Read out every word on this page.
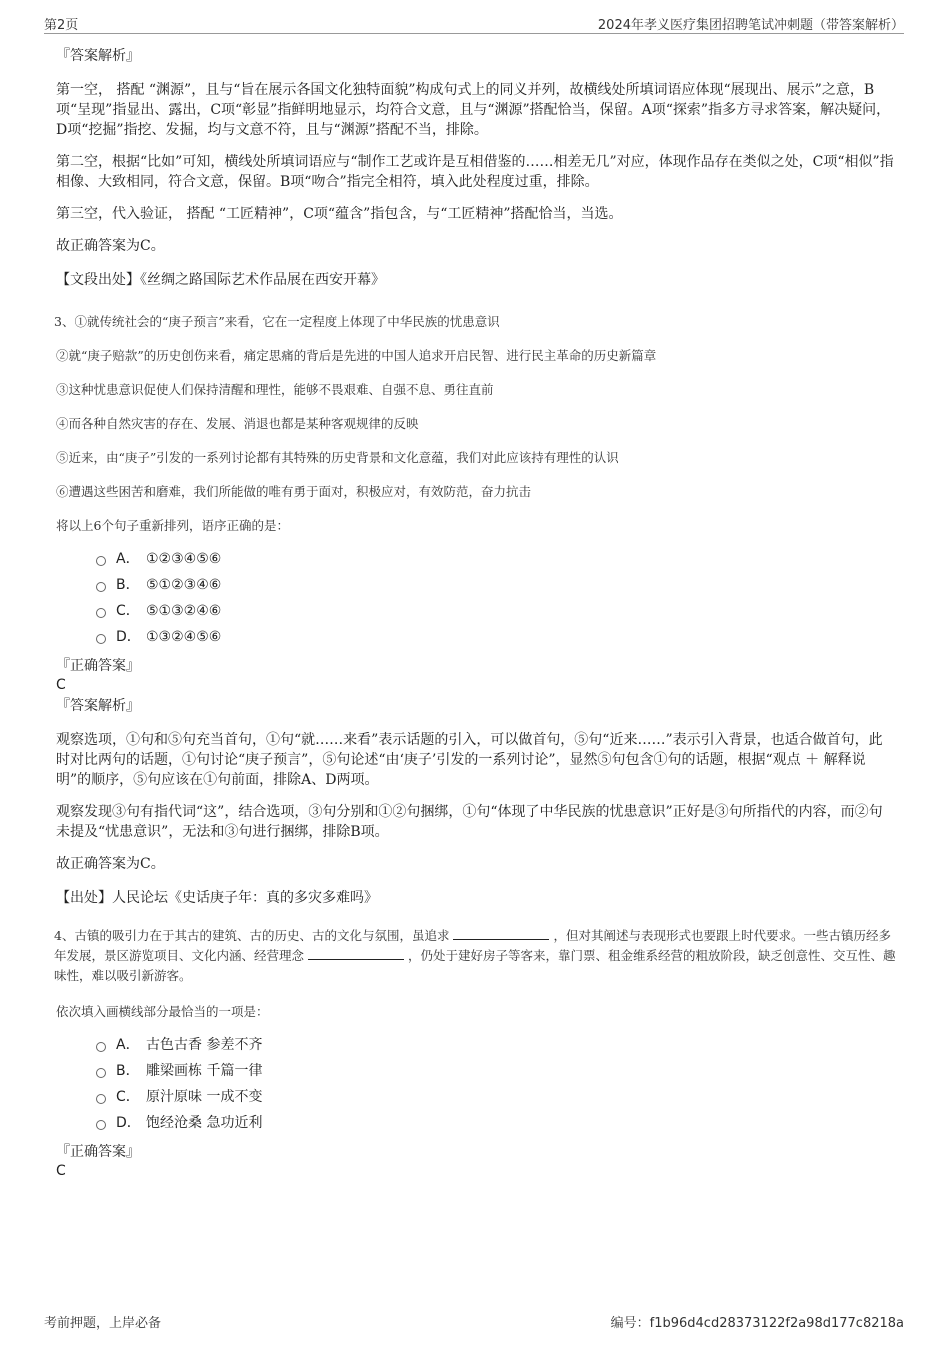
第2页	2024年孝义医疗集团招聘笔试冲刺题（带答案解析）
『答案解析』
第一空， 搭配 “渊源”，且与“旨在展示各国文化独特面貌”构成句式上的同义并列，故横线处所填词语应体现“展现出、展示”之意，B项“呈现”指显出、露出，C项“彰显”指鲜明地显示，均符合文意，且与“渊源”搭配恰当，保留。A项“探索”指多方寻求答案，解决疑问，D项“挖掘”指挖、发掘，均与文意不符，且与“渊源”搭配不当，排除。
第二空，根据“比如”可知，横线处所填词语应与“制作工艺或许是互相借鉴的……相差无几”对应，体现作品存在类似之处，C项“相似”指相像、大致相同，符合文意，保留。B项“吻合”指完全相符，填入此处程度过重，排除。
第三空，代入验证， 搭配 “工匠精神”，C项“蕴含”指包含，与“工匠精神”搭配恰当，当选。
故正确答案为C。
【文段出处】《丝绸之路国际艺术作品展在西安开幕》
3、①就传统社会的“庚子预言”来看，它在一定程度上体现了中华民族的忧患意识
②就“庚子赔款”的历史创伤来看，痛定思痛的背后是先进的中国人追求开启民智、进行民主革命的历史新篇章
③这种忧患意识促使人们保持清醒和理性，能够不畏艰难、自强不息、勇往直前
④而各种自然灾害的存在、发展、消退也都是某种客观规律的反映
⑤近来，由“庚子”引发的一系列讨论都有其特殊的历史背景和文化意蕴，我们对此应该持有理性的认识
⑥遭遇这些困苦和磨难，我们所能做的唯有勇于面对，积极应对，有效防范，奋力抗击
将以上6个句子重新排列，语序正确的是：
A． ①②③④⑤⑥
B． ⑤①②③④⑥
C． ⑤①③②④⑥
D． ①③②④⑤⑥
『正确答案』
C
『答案解析』
观察选项，①句和⑤句充当首句，①句“就……来看”表示话题的引入，可以做首句，⑤句“近来……”表示引入背景，也适合做首句，此时对比两句的话题，①句讨论“庚子预言”，⑤句论述“由‘庚子’引发的一系列讨论”，显然⑤句包含①句的话题，根据“观点 ＋ 解释说明”的顺序，⑤句应该在①句前面，排除A、D两项。
观察发现③句有指代词“这”，结合选项，③句分别和①②句捆绑，①句“体现了中华民族的忧患意识”正好是③句所指代的内容，而②句未提及“忧患意识”，无法和③句进行捆绑，排除B项。
故正确答案为C。
【出处】人民论坛《史话庚子年：真的多灾多难吗》
4、古镇的吸引力在于其古的建筑、古的历史、古的文化与氛围，虽追求	，但对其阐述与表现形式也要跟上时代要求。一些古镇历经多年发展，景区游览项目、文化内涵、经营理念	，仍处于建好房子等客来，靠门票、租金维系经营的粗放阶段，缺乏创意性、交互性、趣味性，难以吸引新游客。
依次填入画横线部分最恰当的一项是：
A． 古色古香 参差不齐
B． 雕梁画栋 千篇一律
C． 原汁原味 一成不变
D． 饱经沧桑 急功近利
『正确答案』
C
考前押题，上岸必备	编号：f1b96d4cd28373122f2a98d177c8218a
